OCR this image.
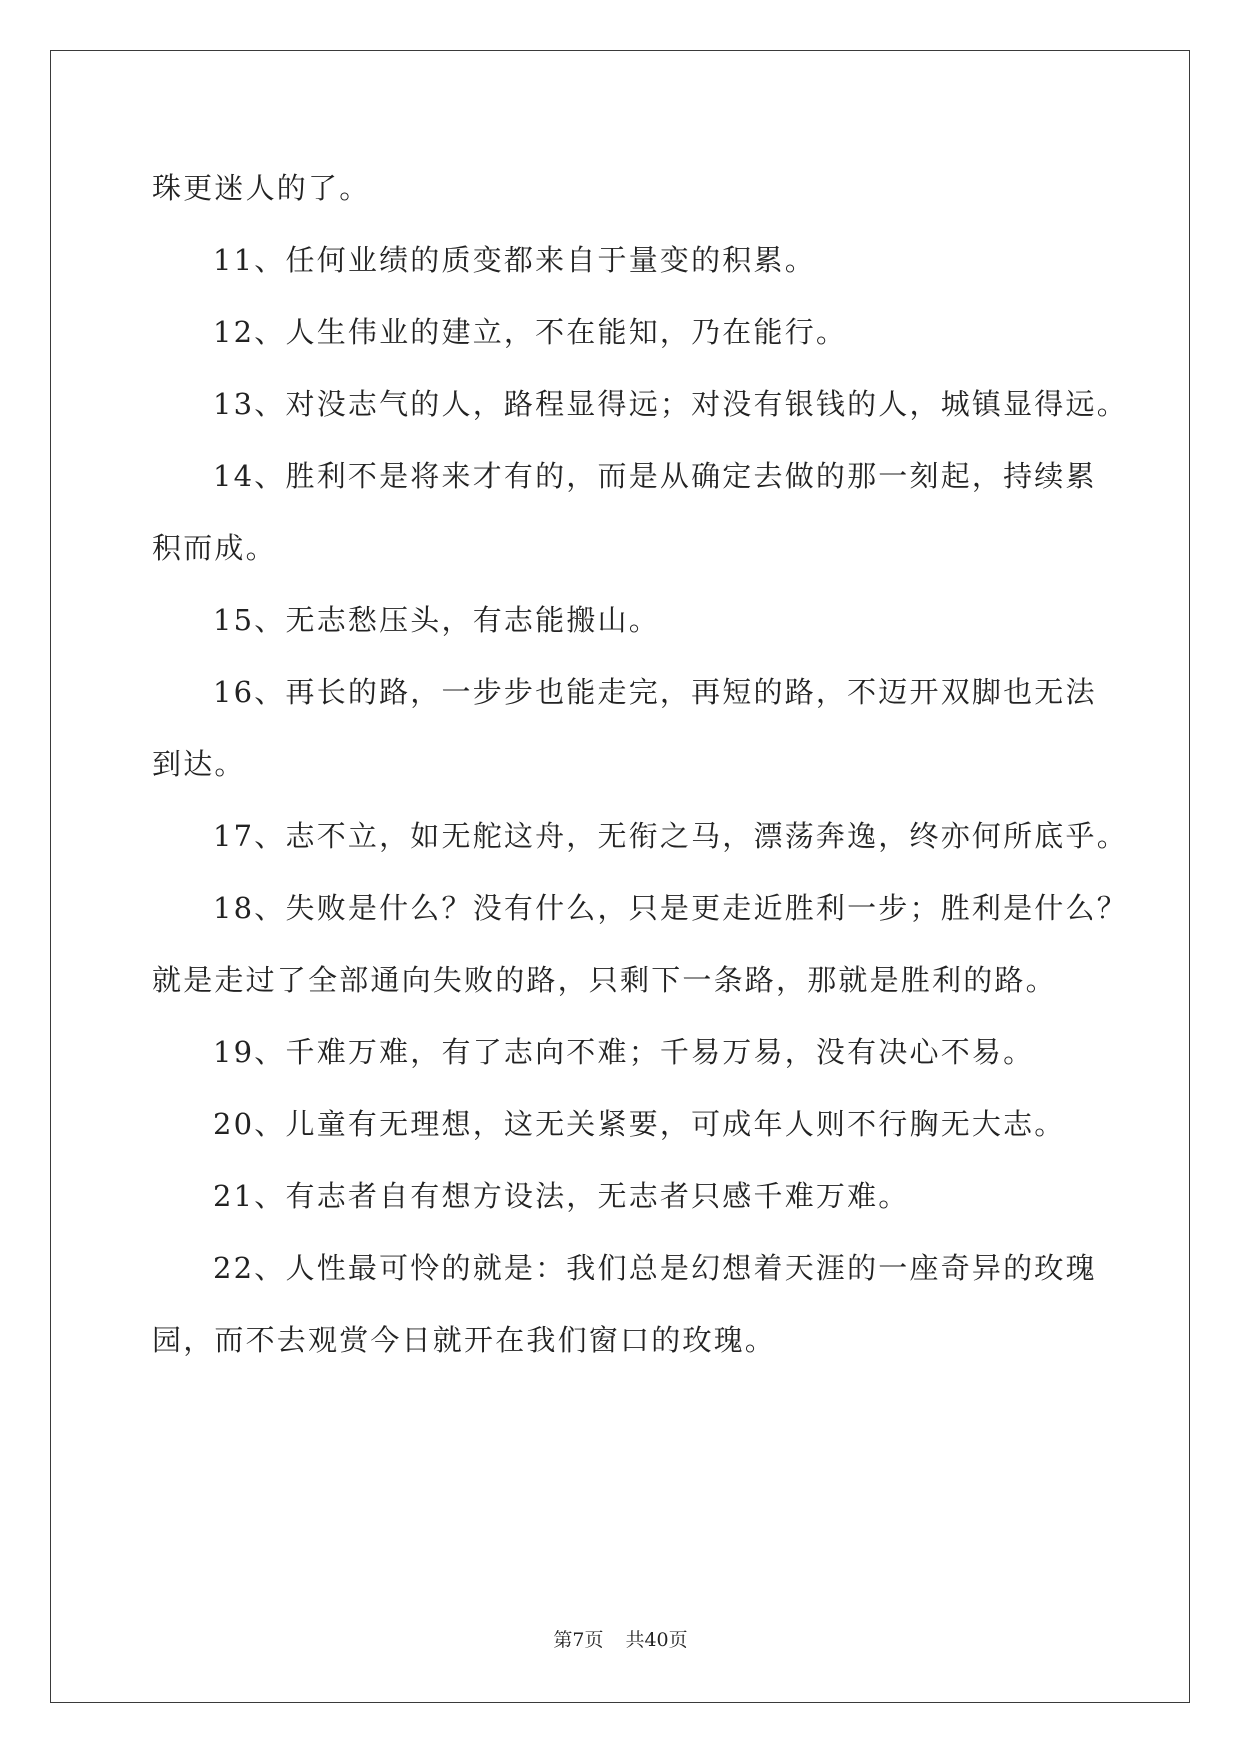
珠更迷人的了。
11、任何业绩的质变都来自于量变的积累。
12、人生伟业的建立，不在能知，乃在能行。
13、对没志气的人，路程显得远；对没有银钱的人，城镇显得远。
14、胜利不是将来才有的，而是从确定去做的那一刻起，持续累
积而成。
15、无志愁压头，有志能搬山。
16、再长的路，一步步也能走完，再短的路，不迈开双脚也无法
到达。
17、志不立，如无舵这舟，无衔之马，漂荡奔逸，终亦何所底乎。
18、失败是什么？没有什么，只是更走近胜利一步；胜利是什么？
就是走过了全部通向失败的路，只剩下一条路，那就是胜利的路。
19、千难万难，有了志向不难；千易万易，没有决心不易。
20、儿童有无理想，这无关紧要，可成年人则不行胸无大志。
21、有志者自有想方设法，无志者只感千难万难。
22、人性最可怜的就是：我们总是幻想着天涯的一座奇异的玫瑰
园，而不去观赏今日就开在我们窗口的玫瑰。
第7页 共40页
